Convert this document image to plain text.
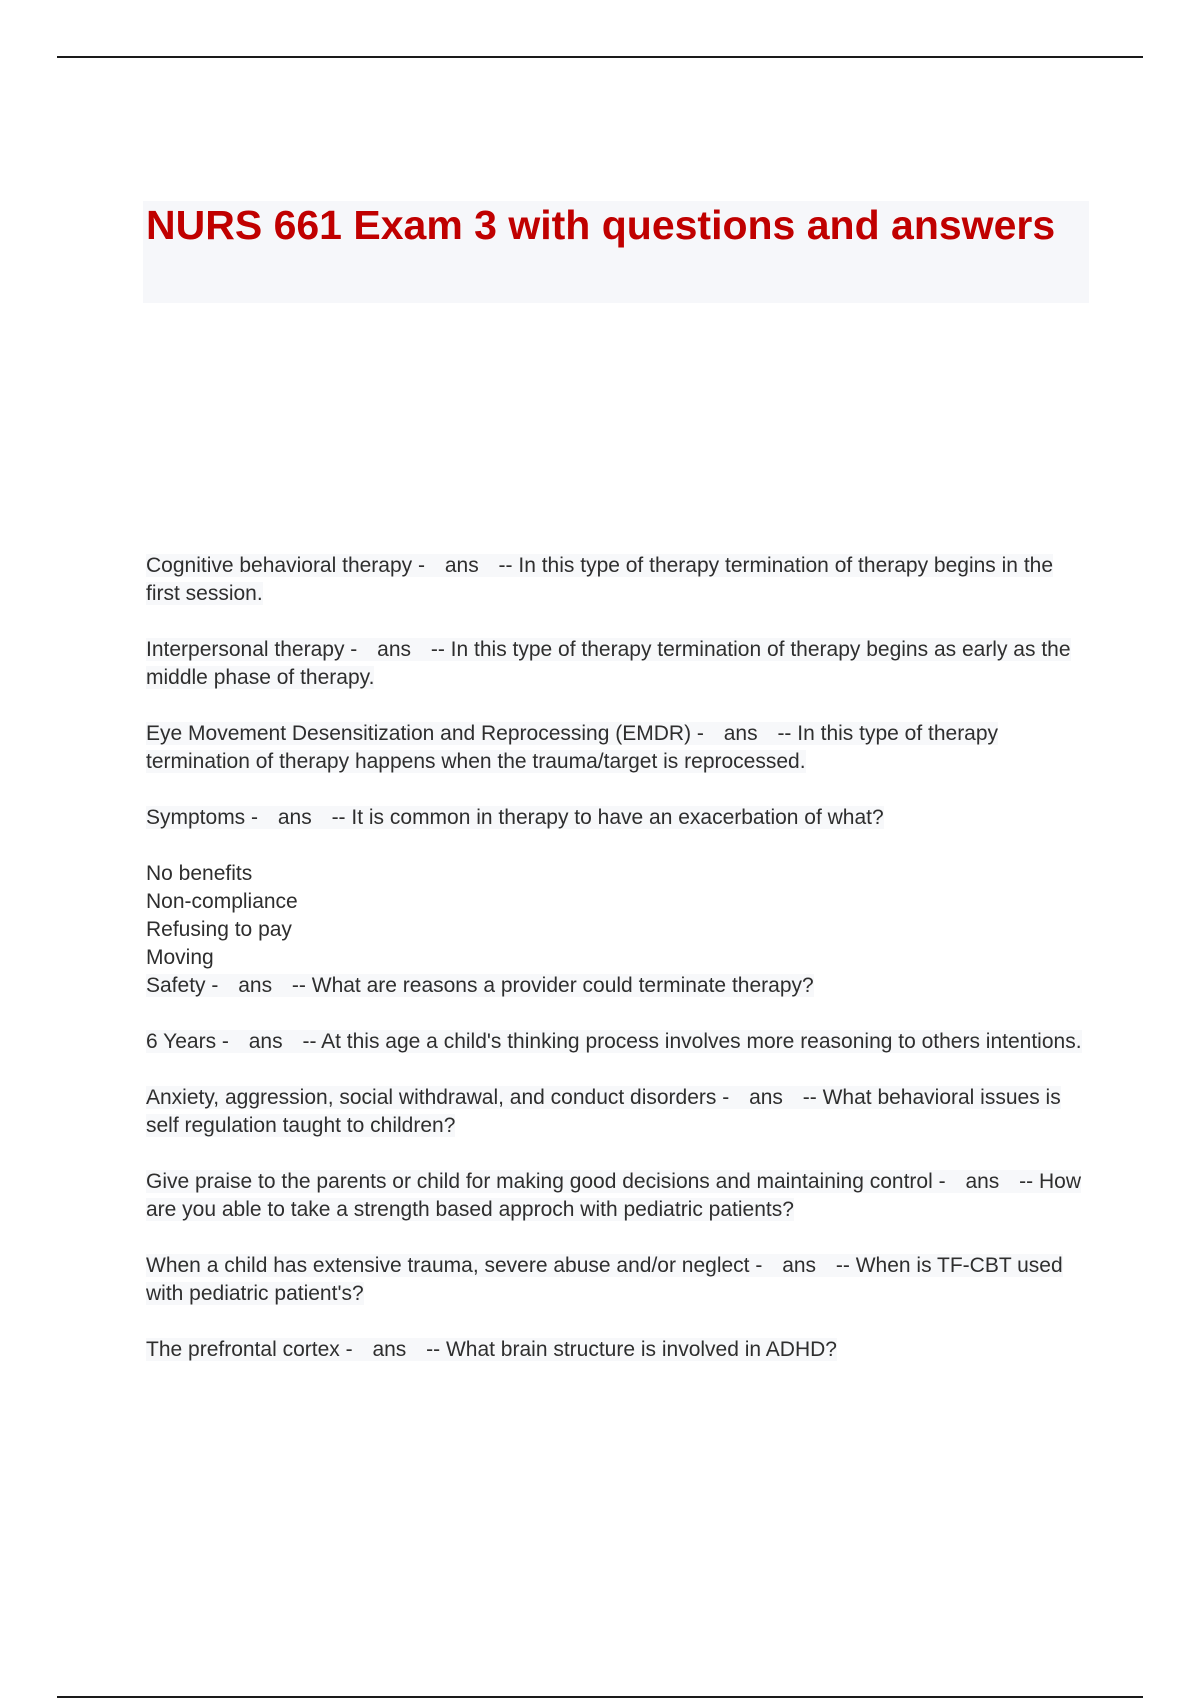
NURS 661 Exam 3 with questions and answers

Cognitive behavioral therapy - ans -- In this type of therapy termination of therapy begins in the first session.

Interpersonal therapy - ans -- In this type of therapy termination of therapy begins as early as the middle phase of therapy.

Eye Movement Desensitization and Reprocessing (EMDR) - ans -- In this type of therapy termination of therapy happens when the trauma/target is reprocessed.

Symptoms - ans -- It is common in therapy to have an exacerbation of what?

No benefits
Non-compliance
Refusing to pay
Moving
Safety - ans -- What are reasons a provider could terminate therapy?

6 Years - ans -- At this age a child's thinking process involves more reasoning to others intentions.

Anxiety, aggression, social withdrawal, and conduct disorders - ans -- What behavioral issues is self regulation taught to children?

Give praise to the parents or child for making good decisions and maintaining control - ans -- How are you able to take a strength based approch with pediatric patients?

When a child has extensive trauma, severe abuse and/or neglect - ans -- When is TF-CBT used with pediatric patient's?

The prefrontal cortex - ans -- What brain structure is involved in ADHD?
